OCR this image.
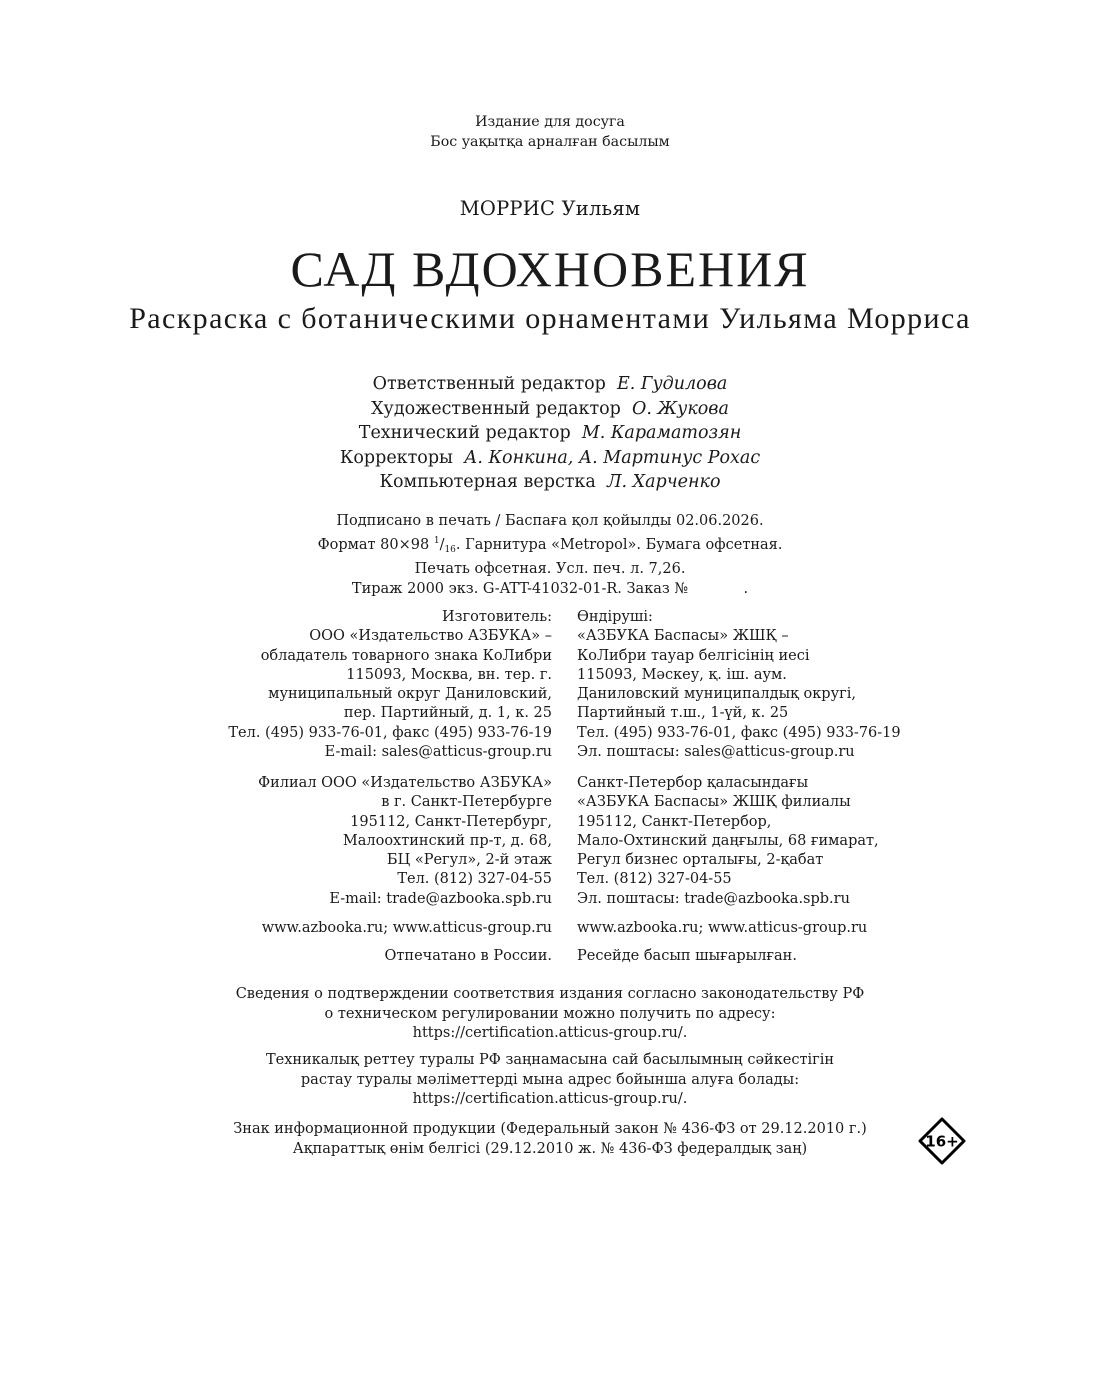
Издание для досуга
Бос уақытқа арналған басылым
МОРРИС Уильям
САД ВДОХНОВЕНИЯ
Раскраска с ботаническими орнаментами Уильяма Морриса
Ответственный редактор Е. Гудилова
Художественный редактор О. Жукова
Технический редактор М. Караматозян
Корректоры А. Конкина, А. Мартинус Рохас
Компьютерная верстка Л. Харченко
Подписано в печать / Баспаға қол қойылды 02.06.2026.
Формат 80×98 $^1/_{16}$. Гарнитура «Metropol». Бумага офсетная.
Печать офсетная. Усл. печ. л. 7,26.
Тираж 2000 экз. G-ATT-41032-01-R. Заказ №            .
Изготовитель:
ООО «Издательство АЗБУКА» –
обладатель товарного знака КоЛибри
115093, Москва, вн. тер. г.
муниципальный округ Даниловский,
пер. Партийный, д. 1, к. 25
Тел. (495) 933-76-01, факс (495) 933-76-19
E-mail: sales@atticus-group.ru
Өндіруші:
«АЗБУКА Баспасы» ЖШҚ –
КоЛибри тауар белгісінің иесі
115093, Мәскеу, қ. іш. аум.
Даниловский муниципалдық округі,
Партийный т.ш., 1-үй, к. 25
Тел. (495) 933-76-01, факс (495) 933-76-19
Эл. поштасы: sales@atticus-group.ru
Филиал ООО «Издательство АЗБУКА»
в г. Санкт-Петербурге
195112, Санкт-Петербург,
Малоохтинский пр-т, д. 68,
БЦ «Регул», 2-й этаж
Тел. (812) 327-04-55
E-mail: trade@azbooka.spb.ru
Санкт-Петербор қаласындағы
«АЗБУКА Баспасы» ЖШҚ филиалы
195112, Санкт-Петербор,
Мало-Охтинский даңғылы, 68 ғимарат,
Регул бизнес орталығы, 2-қабат
Тел. (812) 327-04-55
Эл. поштасы: trade@azbooka.spb.ru
www.azbooka.ru; www.atticus-group.ru www.azbooka.ru; www.atticus-group.ru
Отпечатано в России. Ресейде басып шығарылған.
Сведения о подтверждении соответствия издания согласно законодательству РФ
о техническом регулировании можно получить по адресу:
https://certification.atticus-group.ru/.
Техникалық реттеу туралы РФ заңнамасына сай басылымның сәйкестігін
растау туралы мәліметтерді мына адрес бойынша алуға болады:
https://certification.atticus-group.ru/.
Знак информационной продукции (Федеральный закон № 436-ФЗ от 29.12.2010 г.)
Ақпараттық өнім белгісі (29.12.2010 ж. № 436-ФЗ федералдық заң)	16+
